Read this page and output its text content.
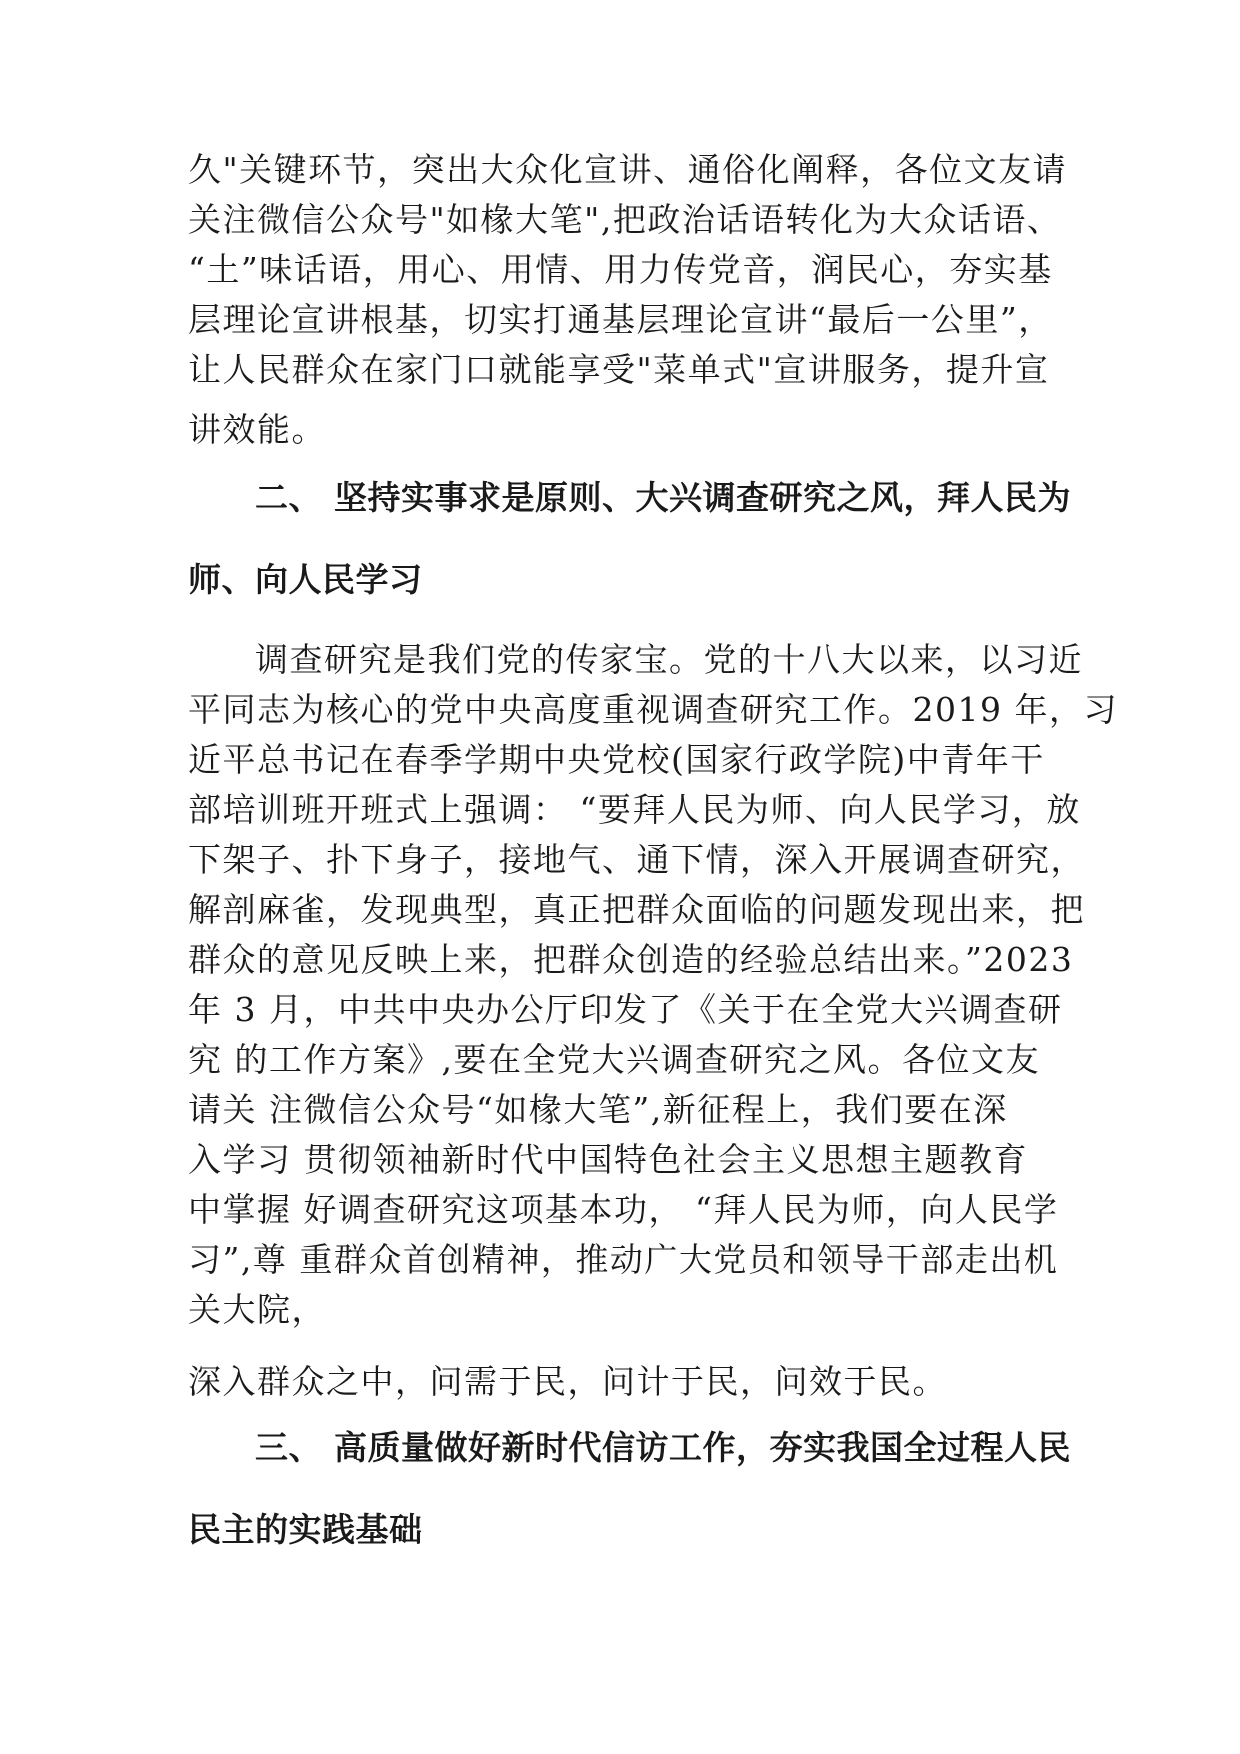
久"关键环节，突出大众化宣讲、通俗化阐释，各位文友请
关注微信公众号"如椽大笔",把政治话语转化为大众话语、
“土”味话语，用心、用情、用力传党音，润民心，夯实基
层理论宣讲根基，切实打通基层理论宣讲“最后一公里”，
让人民群众在家门口就能享受"菜单式"宣讲服务，提升宣
讲效能。
二、 坚持实事求是原则、大兴调查研究之风，拜人民为
师、向人民学习
调查研究是我们党的传家宝。党的十八大以来，以习近
平同志为核心的党中央高度重视调查研究工作。2019 年，习
近平总书记在春季学期中央党校(国家行政学院)中青年干
部培训班开班式上强调： “要拜人民为师、向人民学习，放
下架子、扑下身子，接地气、通下情，深入开展调查研究，
解剖麻雀，发现典型，真正把群众面临的问题发现出来，把
群众的意见反映上来，把群众创造的经验总结出来。”2023
年 3 月，中共中央办公厅印发了《关于在全党大兴调查研
究 的工作方案》,要在全党大兴调查研究之风。各位文友
请关 注微信公众号“如椽大笔”,新征程上，我们要在深
入学习 贯彻领袖新时代中国特色社会主义思想主题教育
中掌握 好调查研究这项基本功， “拜人民为师，向人民学
习”,尊 重群众首创精神，推动广大党员和领导干部走出机
关大院，
深入群众之中，问需于民，问计于民，问效于民。
三、 高质量做好新时代信访工作，夯实我国全过程人民
民主的实践基础
